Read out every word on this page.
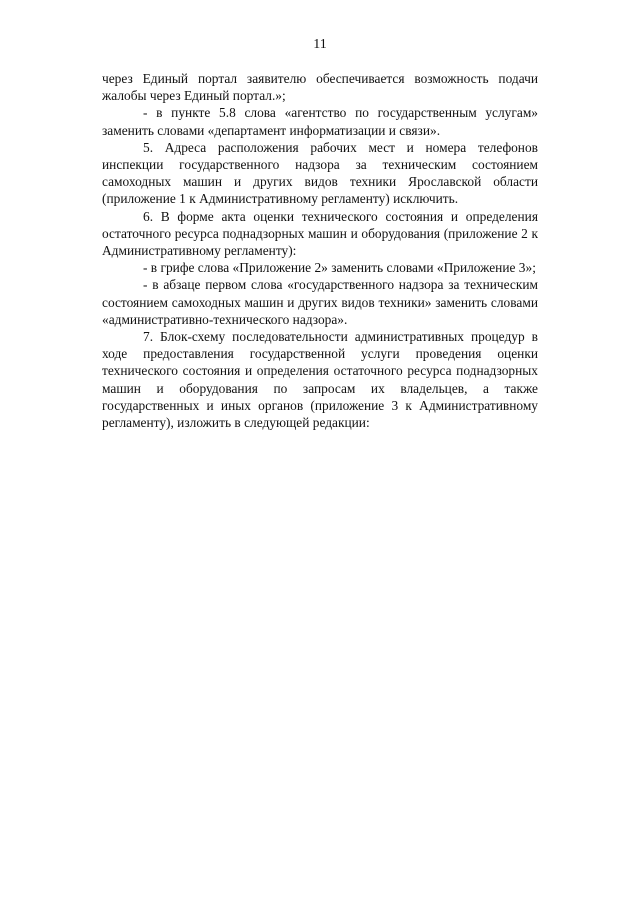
11

через Единый портал заявителю обеспечивается возможность подачи жалобы через Единый портал.»;

- в пункте 5.8 слова «агентство по государственным услугам» заменить словами «департамент информатизации и связи».

5. Адреса расположения рабочих мест и номера телефонов инспекции государственного надзора за техническим состоянием самоходных машин и других видов техники Ярославской области (приложение 1 к Административному регламенту) исключить.

6. В форме акта оценки технического состояния и определения остаточного ресурса поднадзорных машин и оборудования (приложение 2 к Административному регламенту):

- в грифе слова «Приложение 2» заменить словами «Приложение 3»;

- в абзаце первом слова «государственного надзора за техническим состоянием самоходных машин и других видов техники» заменить словами «административно-технического надзора».

7. Блок-схему последовательности административных процедур в ходе предоставления государственной услуги проведения оценки технического состояния и определения остаточного ресурса поднадзорных машин и оборудования по запросам их владельцев, а также государственных и иных органов (приложение 3 к Административному регламенту), изложить в следующей редакции:
